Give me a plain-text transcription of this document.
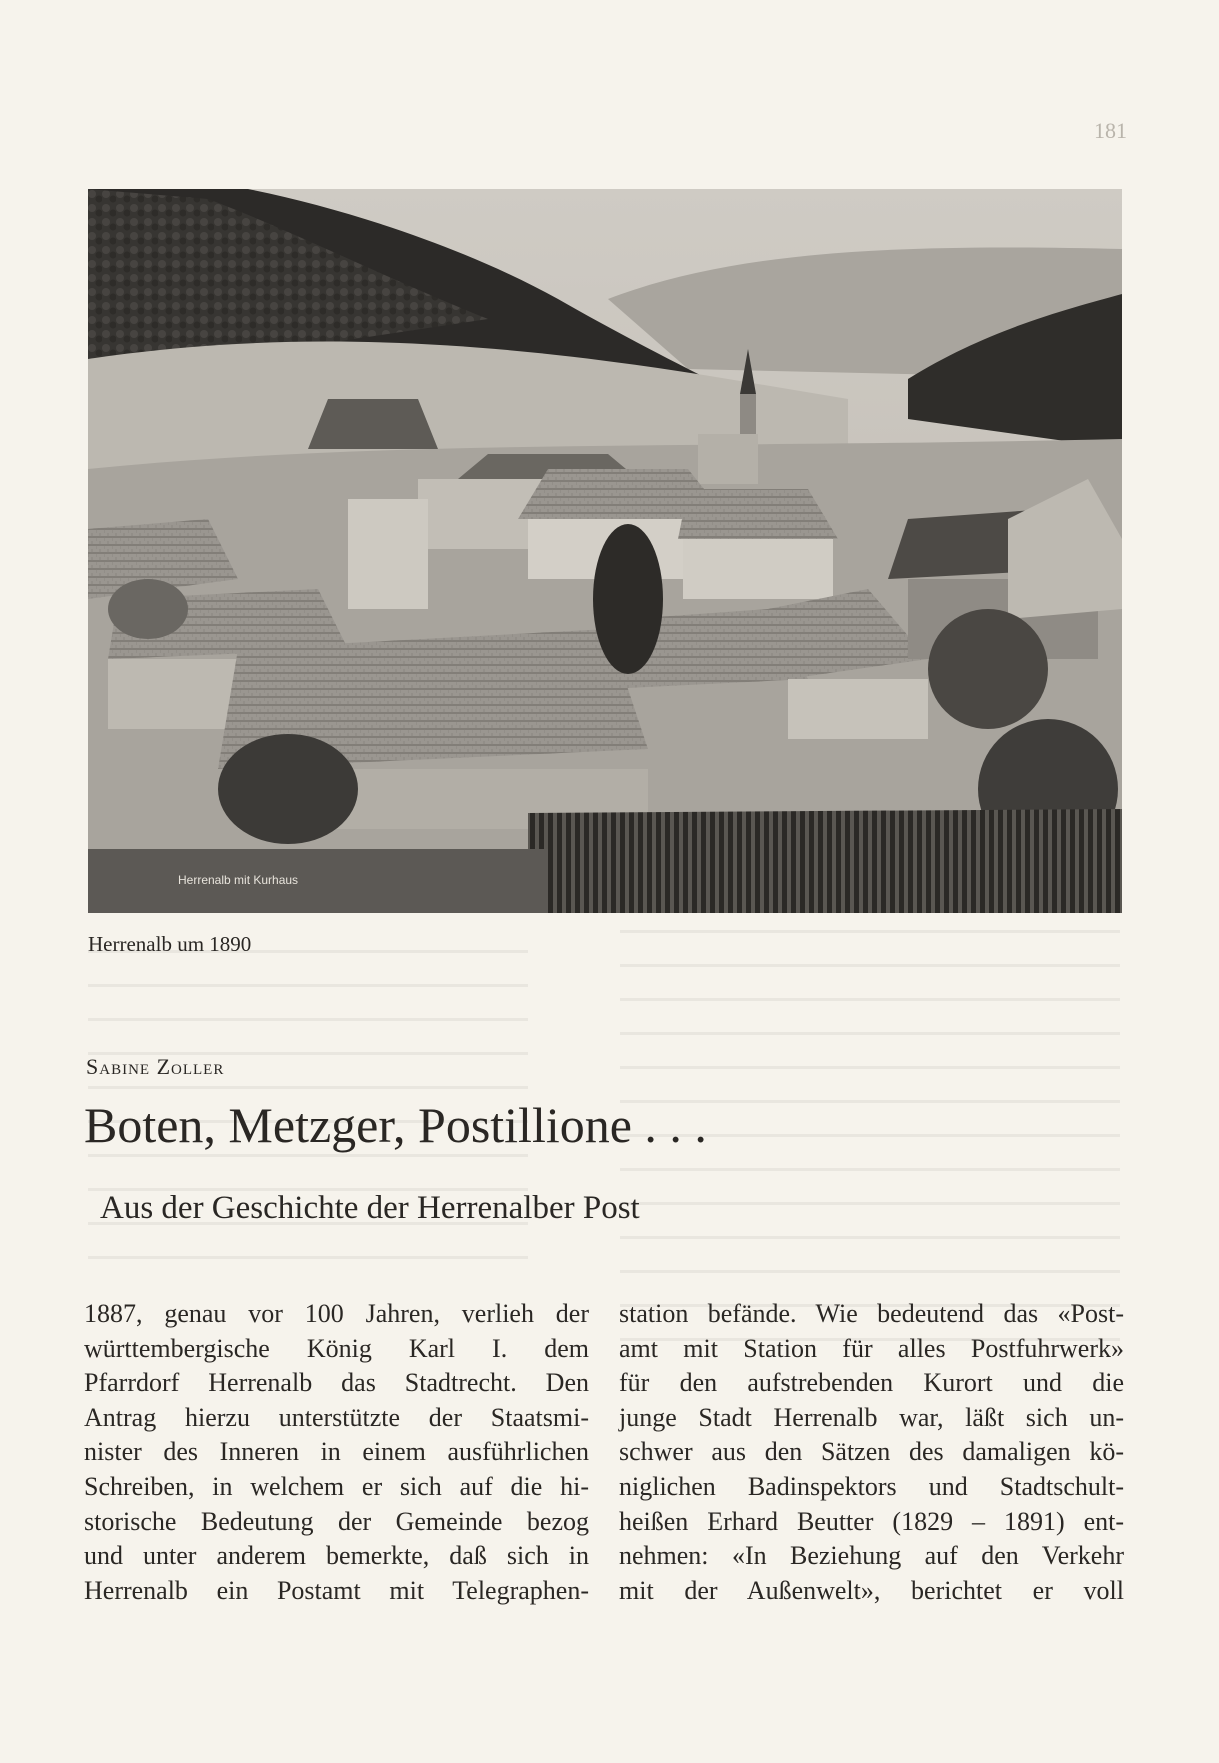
181
Herrenalb mit Kurhaus
Herrenalb um 1890
Sabine Zoller
Boten, Metzger, Postillione . . .
Aus der Geschichte der Herrenalber Post
1887, genau vor 100 Jahren, verlieh der
württembergische König Karl I. dem
Pfarrdorf Herrenalb das Stadtrecht. Den
Antrag hierzu unterstützte der Staatsmi-
nister des Inneren in einem ausführlichen
Schreiben, in welchem er sich auf die hi-
storische Bedeutung der Gemeinde bezog
und unter anderem bemerkte, daß sich in
Herrenalb ein Postamt mit Telegraphen-
station befände. Wie bedeutend das «Post-
amt mit Station für alles Postfuhrwerk»
für den aufstrebenden Kurort und die
junge Stadt Herrenalb war, läßt sich un-
schwer aus den Sätzen des damaligen kö-
niglichen Badinspektors und Stadtschult-
heißen Erhard Beutter (1829 – 1891) ent-
nehmen: «In Beziehung auf den Verkehr
mit der Außenwelt», berichtet er voll
